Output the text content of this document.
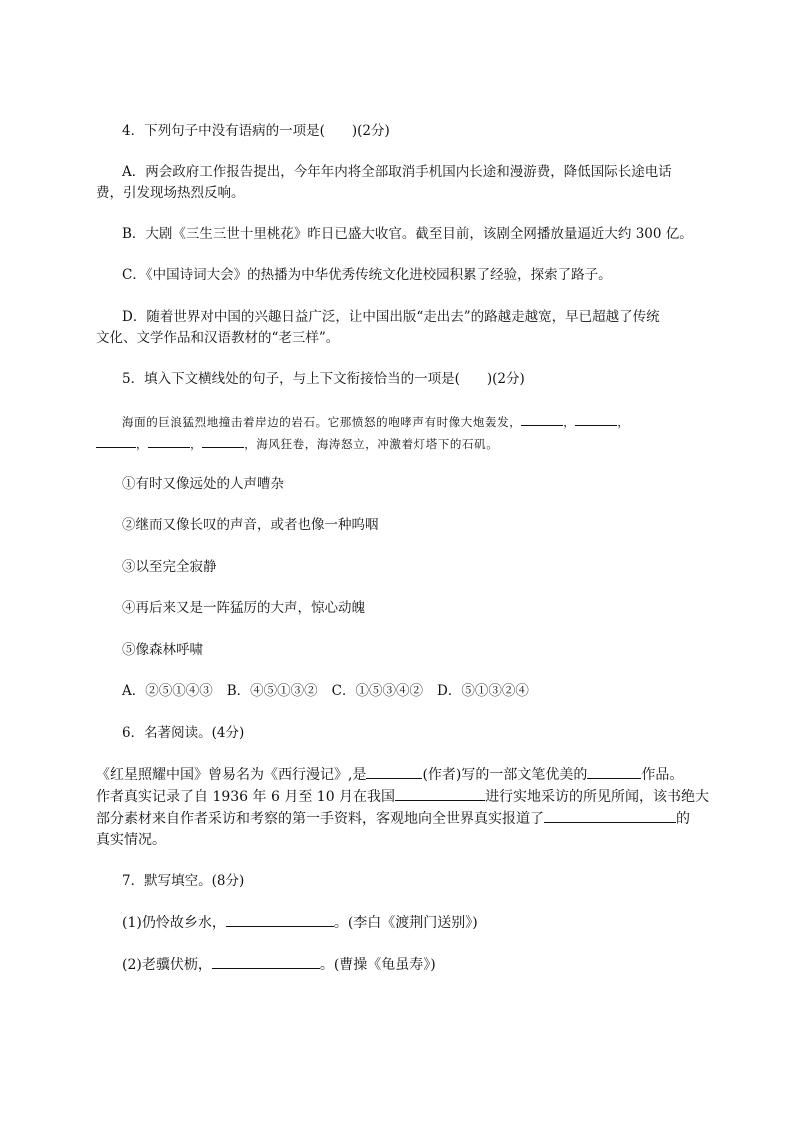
4．下列句子中没有语病的一项是(　　)(2分)
A．两会政府工作报告提出，今年年内将全部取消手机国内长途和漫游费，降低国际长途电话
费，引发现场热烈反响。
B．大剧《三生三世十里桃花》昨日已盛大收官。截至目前，该剧全网播放量逼近大约 300 亿。
C．《中国诗词大会》的热播为中华优秀传统文化进校园积累了经验，探索了路子。
D．随着世界对中国的兴趣日益广泛，让中国出版“走出去”的路越走越宽，早已超越了传统
文化、文学作品和汉语教材的“老三样”。
5．填入下文横线处的句子，与上下文衔接恰当的一项是(　　)(2分)
海面的巨浪猛烈地撞击着岸边的岩石。它那愤怒的咆哮声有时像大炮轰发，	，	，
，	，	，海风狂卷，海涛怒立，冲激着灯塔下的石矶。
①有时又像远处的人声嘈杂
②继而又像长叹的声音，或者也像一种呜咽
③以至完全寂静
④再后来又是一阵猛厉的大声，惊心动魄
⑤像森林呼啸
A．②⑤①④③ B．④⑤①③② C．①⑤③④② D．⑤①③②④
6．名著阅读。(4分)
《红星照耀中国》曾易名为《西行漫记》,是	(作者)写的一部文笔优美的	作品。
作者真实记录了自 1936 年 6 月至 10 月在我国	进行实地采访的所见所闻，该书绝大
部分素材来自作者采访和考察的第一手资料，客观地向全世界真实报道了	的
真实情况。
7．默写填空。(8分)
(1)仍怜故乡水，	。(李白《渡荆门送别》)
(2)老骥伏枥，	。(曹操《龟虽寿》)
